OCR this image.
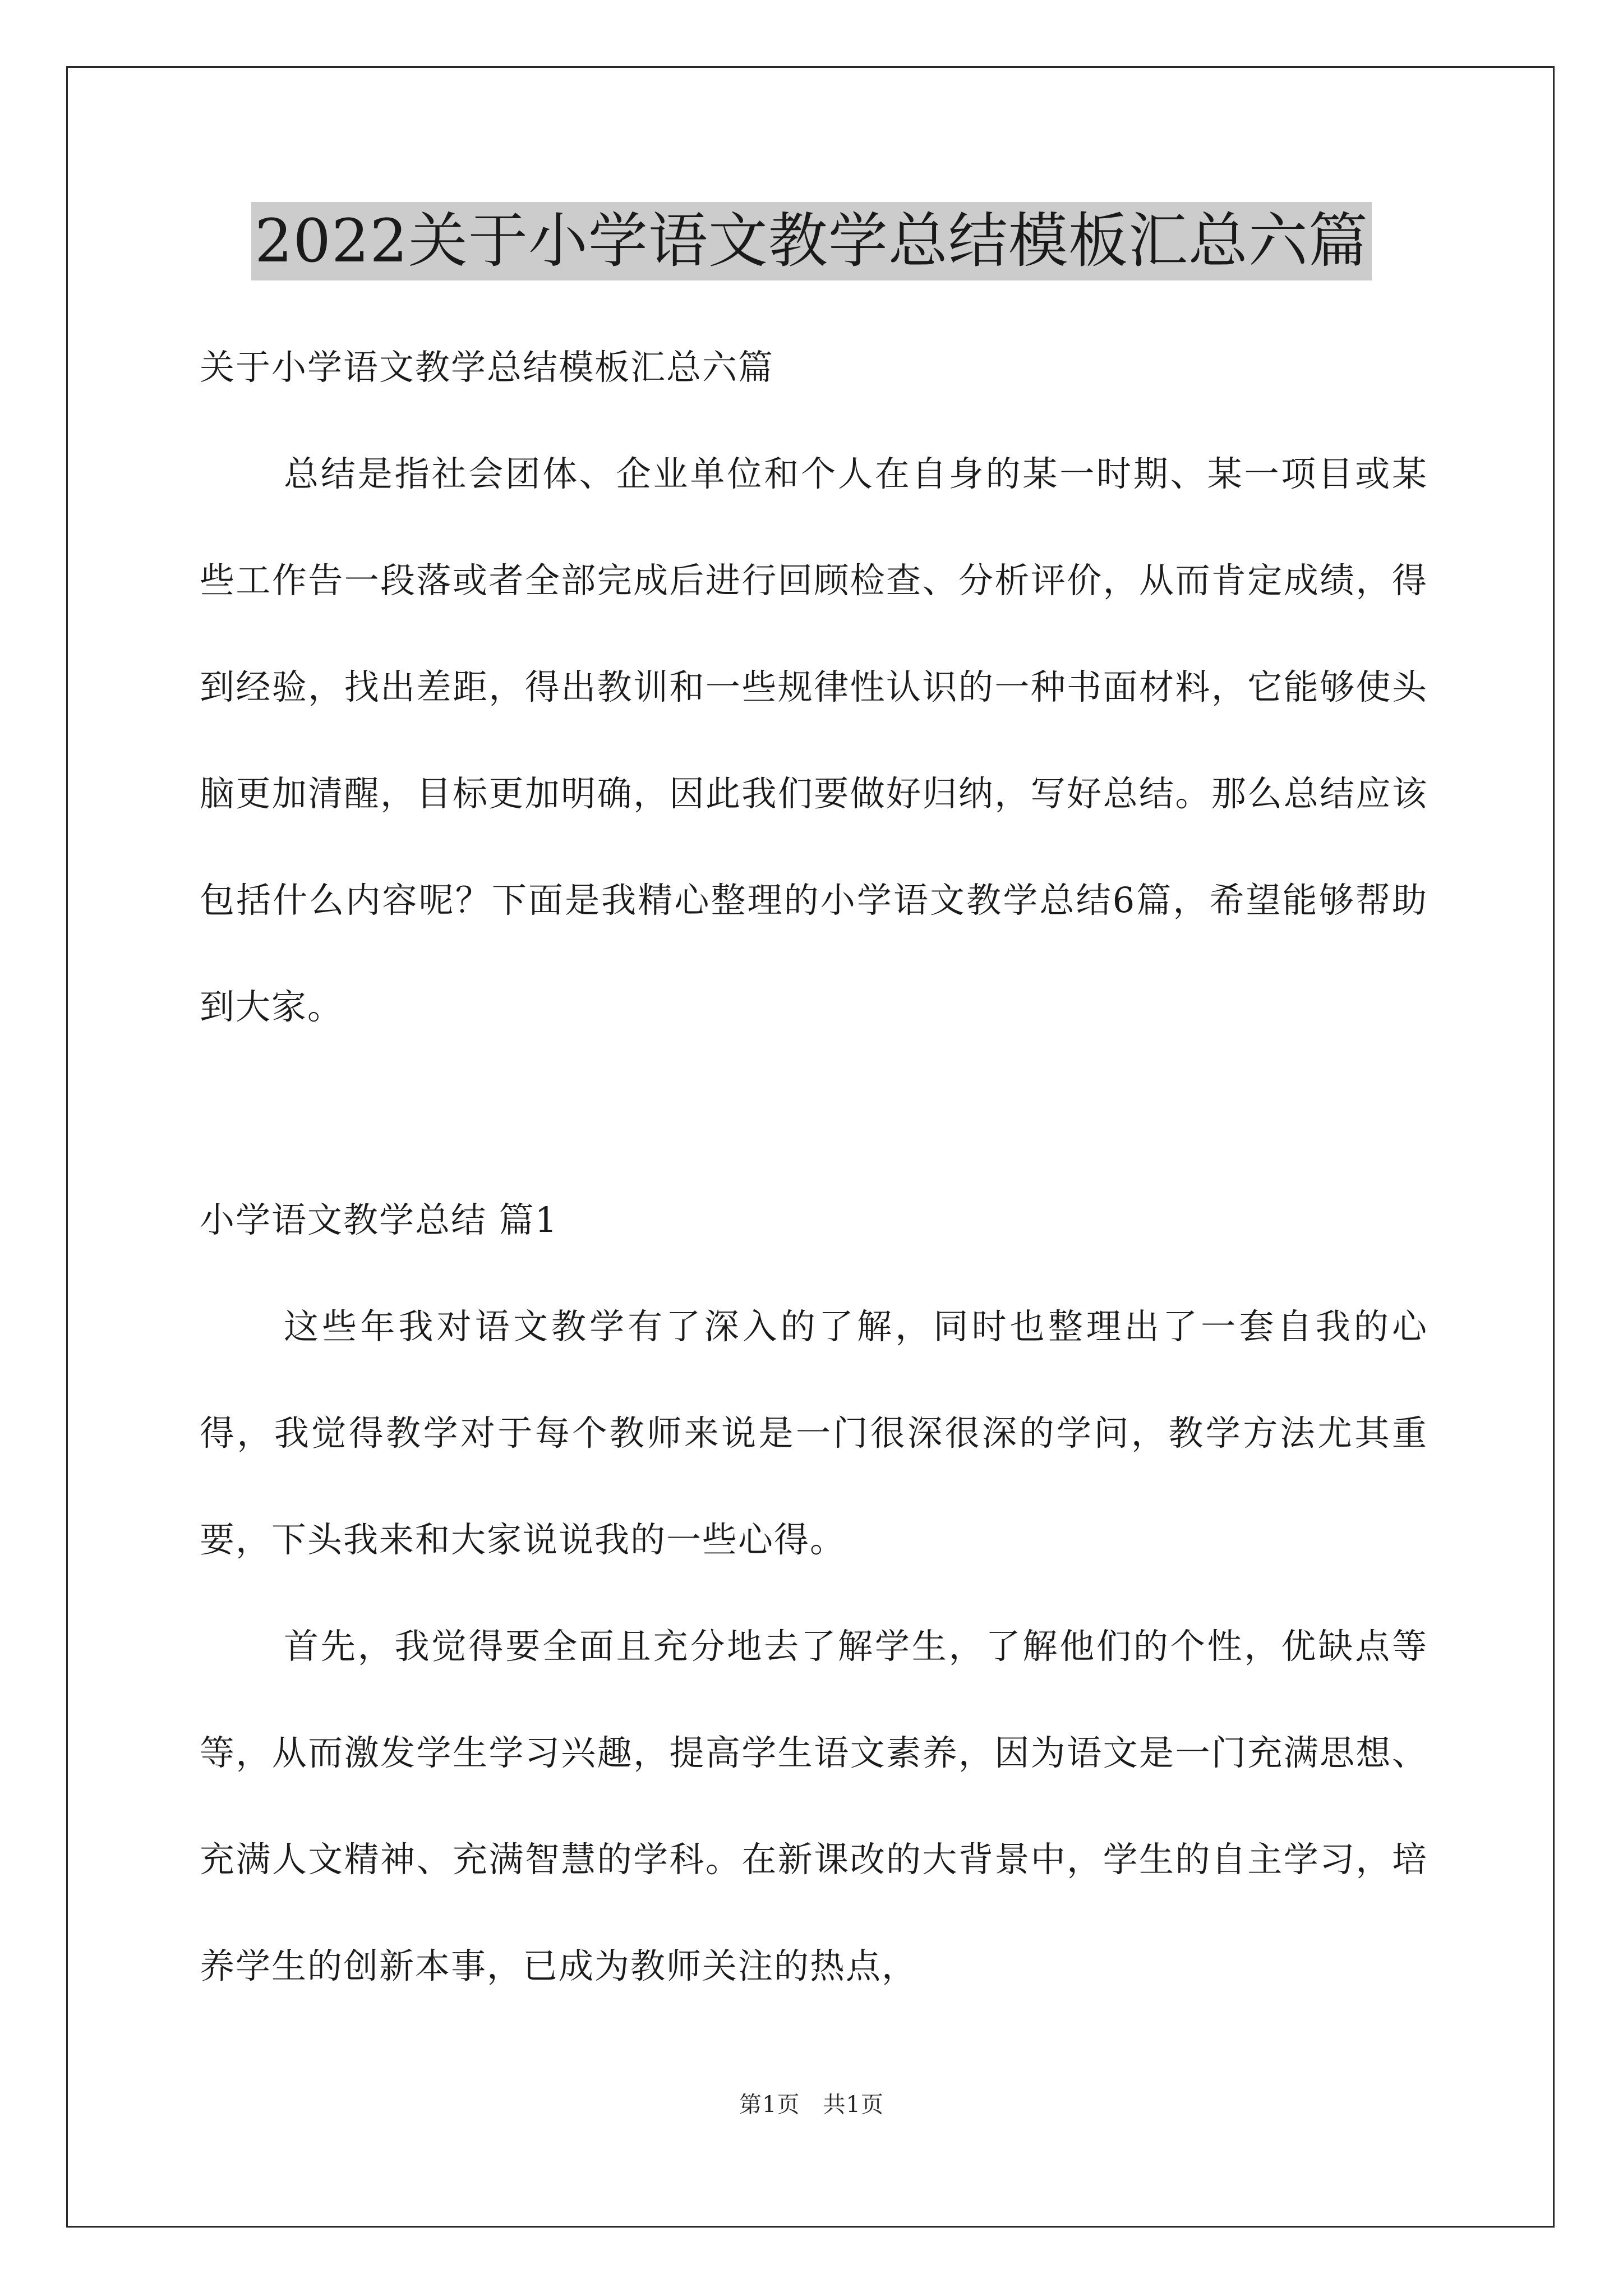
2022关于小学语文教学总结模板汇总六篇

关于小学语文教学总结模板汇总六篇

总结是指社会团体、企业单位和个人在自身的某一时期、某一项目或某些工作告一段落或者全部完成后进行回顾检查、分析评价，从而肯定成绩，得到经验，找出差距，得出教训和一些规律性认识的一种书面材料，它能够使头脑更加清醒，目标更加明确，因此我们要做好归纳，写好总结。那么总结应该包括什么内容呢？下面是我精心整理的小学语文教学总结6篇，希望能够帮助到大家。

小学语文教学总结 篇1

这些年我对语文教学有了深入的了解，同时也整理出了一套自我的心得，我觉得教学对于每个教师来说是一门很深很深的学问，教学方法尤其重要，下头我来和大家说说我的一些心得。

首先，我觉得要全面且充分地去了解学生，了解他们的个性，优缺点等等，从而激发学生学习兴趣，提高学生语文素养，因为语文是一门充满思想、充满人文精神、充满智慧的学科。在新课改的大背景中，学生的自主学习，培养学生的创新本事，已成为教师关注的热点，

第1页　共1页
